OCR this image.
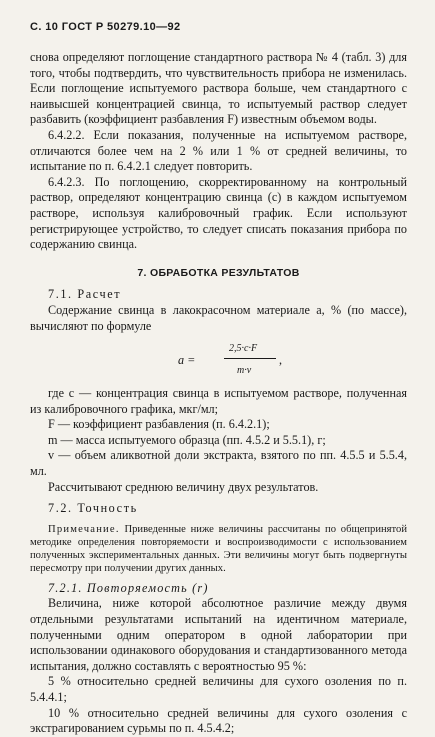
С. 10 ГОСТ Р 50279.10—92

снова определяют поглощение стандартного раствора № 4 (табл. 3) для того, чтобы подтвердить, что чувствительность прибора не изменилась. Если поглощение испытуемого раствора больше, чем стандартного с наивысшей концентрацией свинца, то испытуемый раствор следует разбавить (коэффициент разбавления F) известным объемом воды.

6.4.2.2. Если показания, полученные на испытуемом растворе, отличаются более чем на 2 % или 1 % от средней величины, то испытание по п. 6.4.2.1 следует повторить.

6.4.2.3. По поглощению, скорректированному на контрольный раствор, определяют концентрацию свинца (c) в каждом испытуемом растворе, используя калибровочный график. Если используют регистрирующее устройство, то следует списать показания прибора по содержанию свинца.

7. ОБРАБОТКА РЕЗУЛЬТАТОВ

7.1. Расчет

Содержание свинца в лакокрасочном материале a, % (по массе), вычисляют по формуле

a =
2,5·c·F
,
m·v

где c — концентрация свинца в испытуемом растворе, полученная из калибровочного графика, мкг/мл;

F — коэффициент разбавления (п. 6.4.2.1);

m — масса испытуемого образца (пп. 4.5.2 и 5.5.1), г;

v — объем аликвотной доли экстракта, взятого по пп. 4.5.5 и 5.5.4, мл.

Рассчитывают среднюю величину двух результатов.

7.2. Точность

Примечание. Приведенные ниже величины рассчитаны по общепринятой методике определения повторяемости и воспроизводимости с использованием полученных экспериментальных данных. Эти величины могут быть подвергнуты пересмотру при получении других данных.

7.2.1. Повторяемость (r)

Величина, ниже которой абсолютное различие между двумя отдельными результатами испытаний на идентичном материале, полученными одним оператором в одной лаборатории при использовании одинакового оборудования и стандартизованного метода испытания, должно составлять с вероятностью 95 %:

5 % относительно средней величины для сухого озоления по п. 5.4.4.1;

10 % относительно средней величины для сухого озоления с экстрагированием сурьмы по п. 4.5.4.2;
